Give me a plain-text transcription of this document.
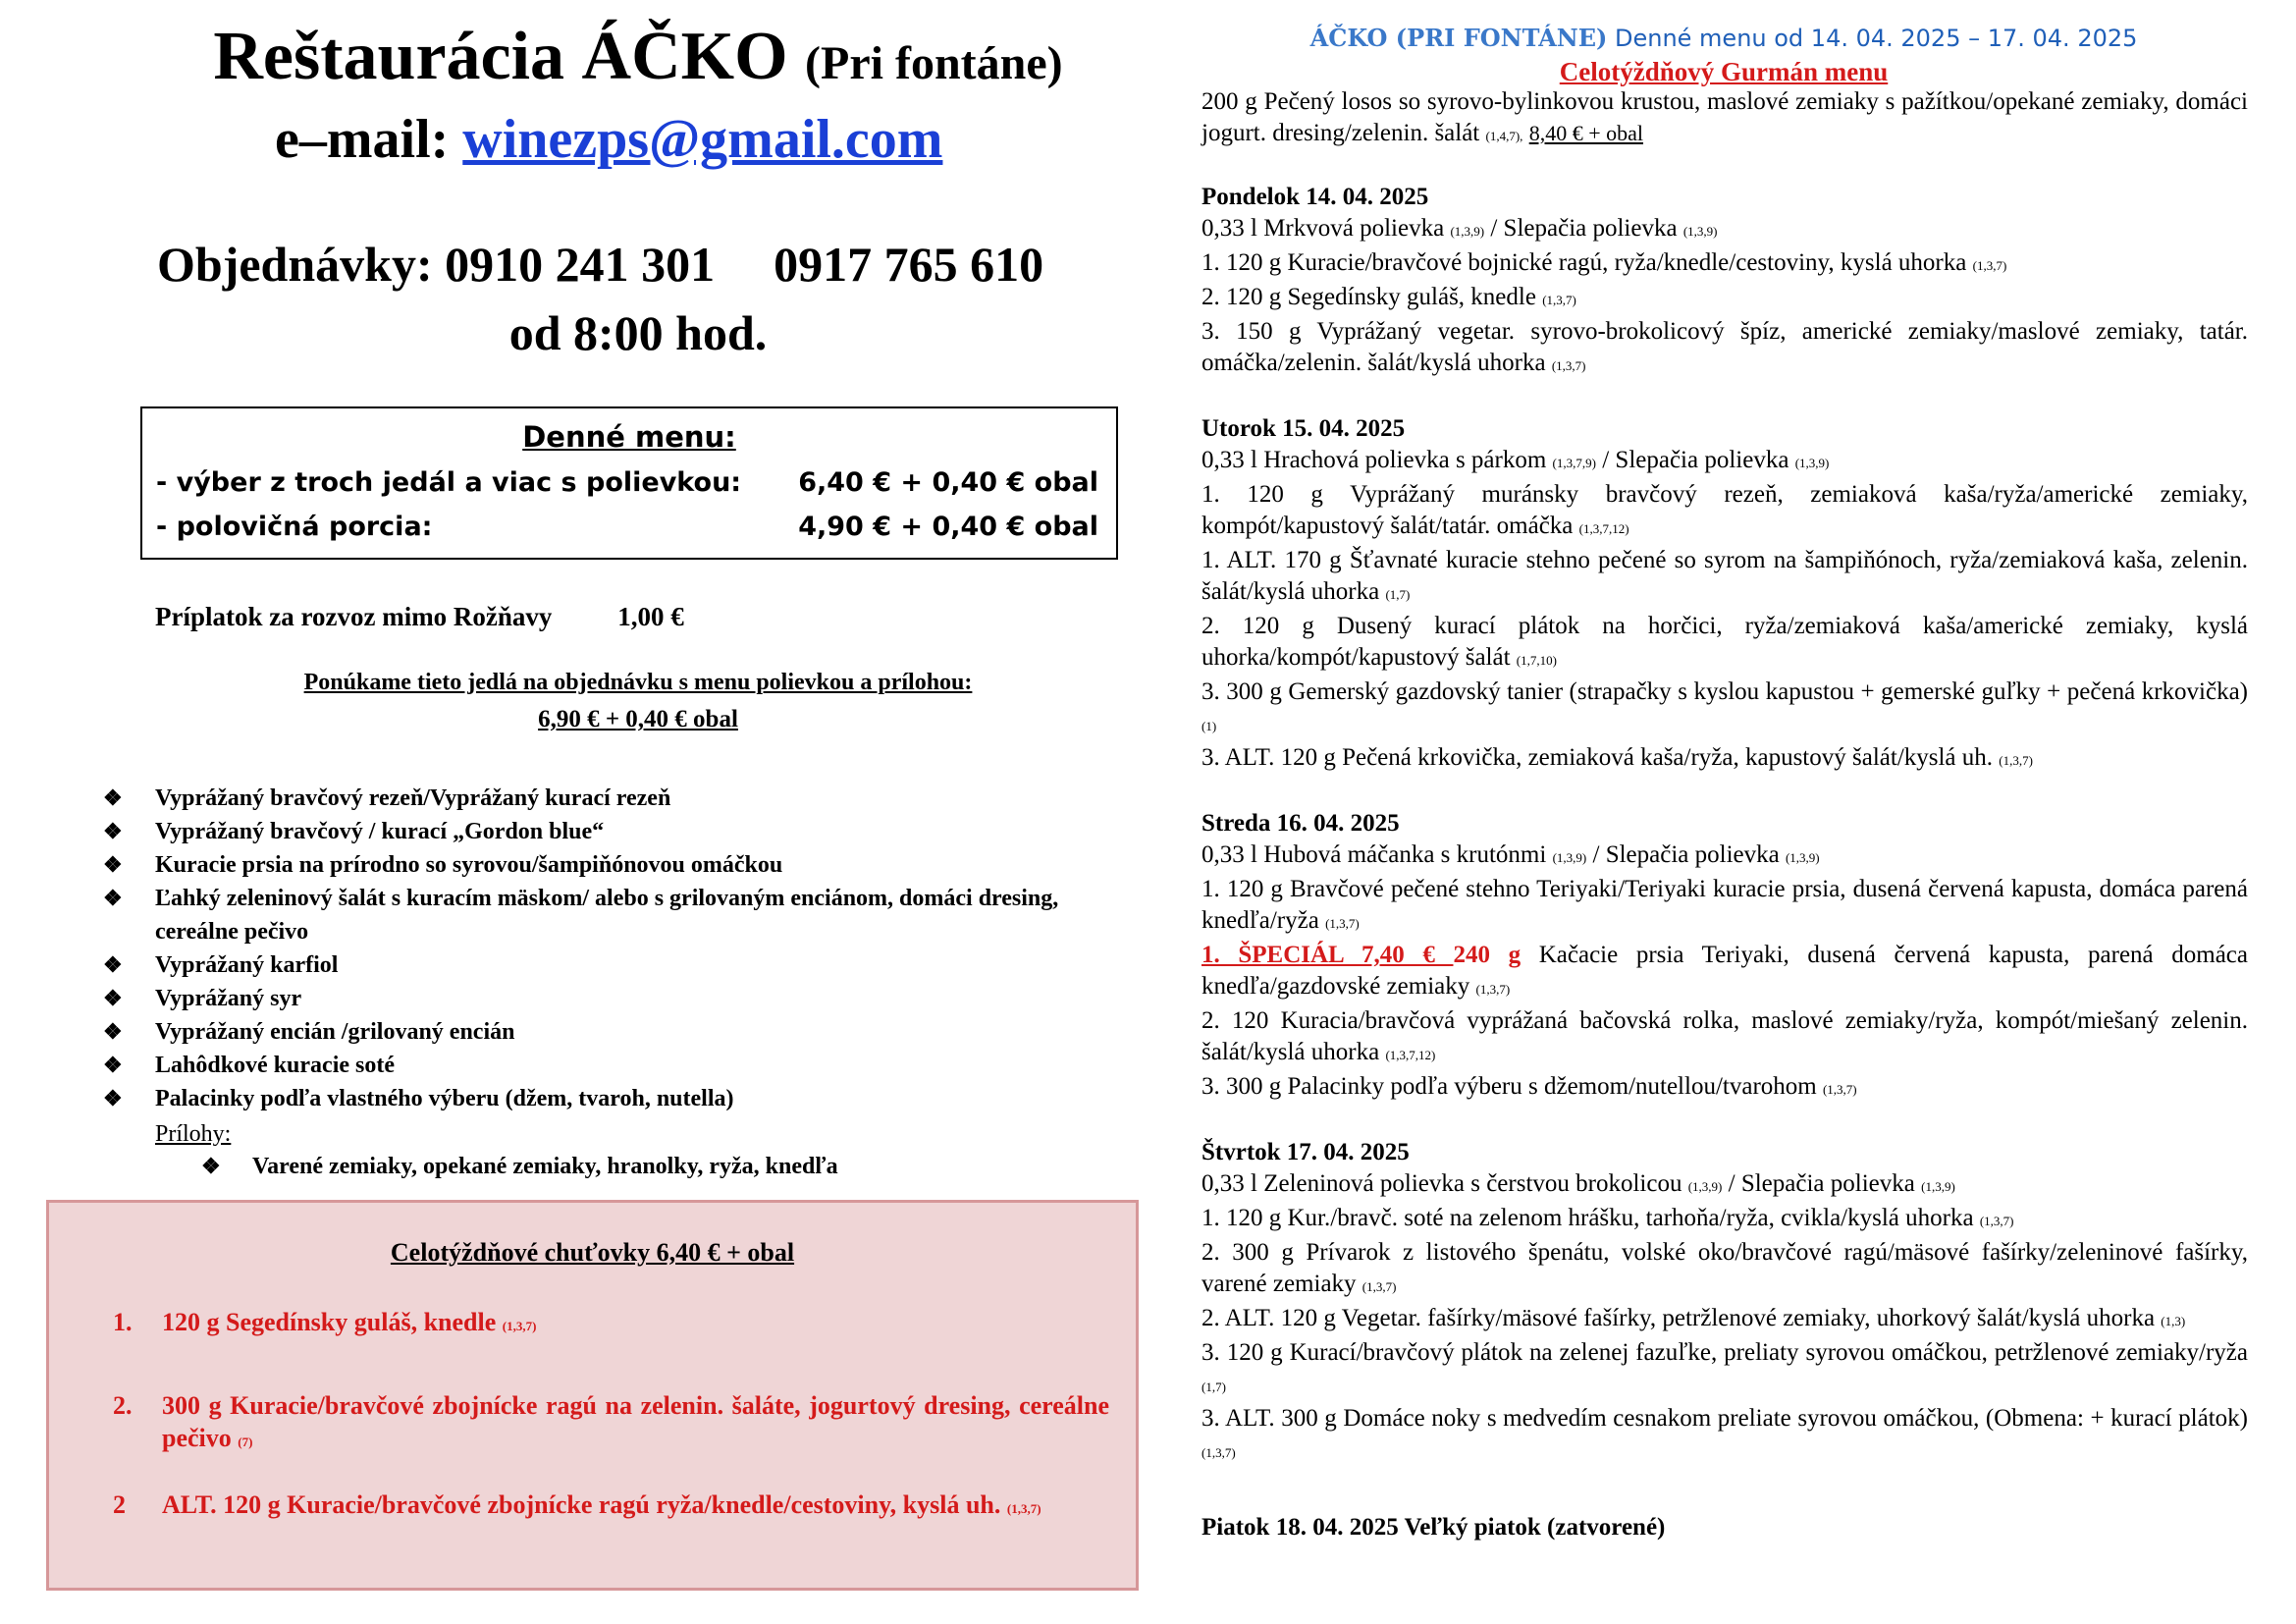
Reštaurácia ÁČKO (Pri fontáne)
e–mail: winezps@gmail.com
Objednávky: 0910 241 301 0917 765 610
od 8:00 hod.
Denné menu:
- výber z troch jedál a viac s polievkou: 6,40 € + 0,40 € obal
- polovičná porcia:	4,90 € + 0,40 € obal
Príplatok za rozvoz mimo Rožňavy 1,00 €
Ponúkame tieto jedlá na objednávku s menu polievkou a prílohou:
6,90 € + 0,40 € obal
❖	Vyprážaný bravčový rezeň/Vyprážaný kurací rezeň
❖	Vyprážaný bravčový / kurací „Gordon blue“
❖	Kuracie prsia na prírodno so syrovou/šampiňónovou omáčkou
❖	Ľahký zeleninový šalát s kuracím mäskom/ alebo s grilovaným enciánom, domáci dresing, cereálne pečivo
❖	Vyprážaný karfiol
❖	Vyprážaný syr
❖	Vyprážaný encián /grilovaný encián
❖	Lahôdkové kuracie soté
❖	Palacinky podľa vlastného výberu (džem, tvaroh, nutella)
Prílohy:
❖ Varené zemiaky, opekané zemiaky, hranolky, ryža, knedľa
Celotýždňové chuťovky 6,40 € + obal
1.	120 g Segedínsky guláš, knedle (1,3,7)
2.	300 g Kuracie/bravčové zbojnícke ragú na zelenin. šaláte, jogurtový dresing, cereálne pečivo (7)
2	ALT. 120 g Kuracie/bravčové zbojnícke ragú ryža/knedle/cestoviny, kyslá uh. (1,3,7)
ÁČKO (PRI FONTÁNE) Denné menu od 14. 04. 2025 – 17. 04. 2025
Celotýždňový Gurmán menu
200 g Pečený losos so syrovo-bylinkovou krustou, maslové zemiaky s pažítkou/opekané zemiaky, domáci jogurt. dresing/zelenin. šalát (1,4,7), 8,40 € + obal
Pondelok 14. 04. 2025
0,33 l Mrkvová polievka (1,3,9) / Slepačia polievka (1,3,9)
1. 120 g Kuracie/bravčové bojnické ragú, ryža/knedle/cestoviny, kyslá uhorka (1,3,7)
2. 120 g Segedínsky guláš, knedle (1,3,7)
3. 150 g Vyprážaný vegetar. syrovo-brokolicový špíz, americké zemiaky/maslové zemiaky, tatár. omáčka/zelenin. šalát/kyslá uhorka (1,3,7)
Utorok 15. 04. 2025
0,33 l Hrachová polievka s párkom (1,3,7,9) / Slepačia polievka (1,3,9)
1. 120 g Vyprážaný muránsky bravčový rezeň, zemiaková kaša/ryža/americké zemiaky, kompót/kapustový šalát/tatár. omáčka (1,3,7,12)
1. ALT. 170 g Šťavnaté kuracie stehno pečené so syrom na šampiňónoch, ryža/zemiaková kaša, zelenin. šalát/kyslá uhorka (1,7)
2. 120 g Dusený kurací plátok na horčici, ryža/zemiaková kaša/americké zemiaky, kyslá uhorka/kompót/kapustový šalát (1,7,10)
3. 300 g Gemerský gazdovský tanier (strapačky s kyslou kapustou + gemerské guľky + pečená krkovička) (1)
3. ALT. 120 g Pečená krkovička, zemiaková kaša/ryža, kapustový šalát/kyslá uh. (1,3,7)
Streda 16. 04. 2025
0,33 l Hubová máčanka s krutónmi (1,3,9) / Slepačia polievka (1,3,9)
1. 120 g Bravčové pečené stehno Teriyaki/Teriyaki kuracie prsia, dusená červená kapusta, domáca parená knedľa/ryža (1,3,7)
1. ŠPECIÁL 7,40 € 240 g Kačacie prsia Teriyaki, dusená červená kapusta, parená domáca knedľa/gazdovské zemiaky (1,3,7)
2. 120 Kuracia/bravčová vyprážaná bačovská rolka, maslové zemiaky/ryža, kompót/miešaný zelenin. šalát/kyslá uhorka (1,3,7,12)
3. 300 g Palacinky podľa výberu s džemom/nutellou/tvarohom (1,3,7)
Štvrtok 17. 04. 2025
0,33 l Zeleninová polievka s čerstvou brokolicou (1,3,9) / Slepačia polievka (1,3,9)
1. 120 g Kur./bravč. soté na zelenom hrášku, tarhoňa/ryža, cvikla/kyslá uhorka (1,3,7)
2. 300 g Prívarok z listového špenátu, volské oko/bravčové ragú/mäsové fašírky/zeleninové fašírky, varené zemiaky (1,3,7)
2. ALT. 120 g Vegetar. fašírky/mäsové fašírky, petržlenové zemiaky, uhorkový šalát/kyslá uhorka (1,3)
3. 120 g Kurací/bravčový plátok na zelenej fazuľke, preliaty syrovou omáčkou, petržlenové zemiaky/ryža (1,7)
3. ALT. 300 g Domáce noky s medvedím cesnakom preliate syrovou omáčkou, (Obmena: + kurací plátok) (1,3,7)
Piatok 18. 04. 2025 Veľký piatok (zatvorené)
